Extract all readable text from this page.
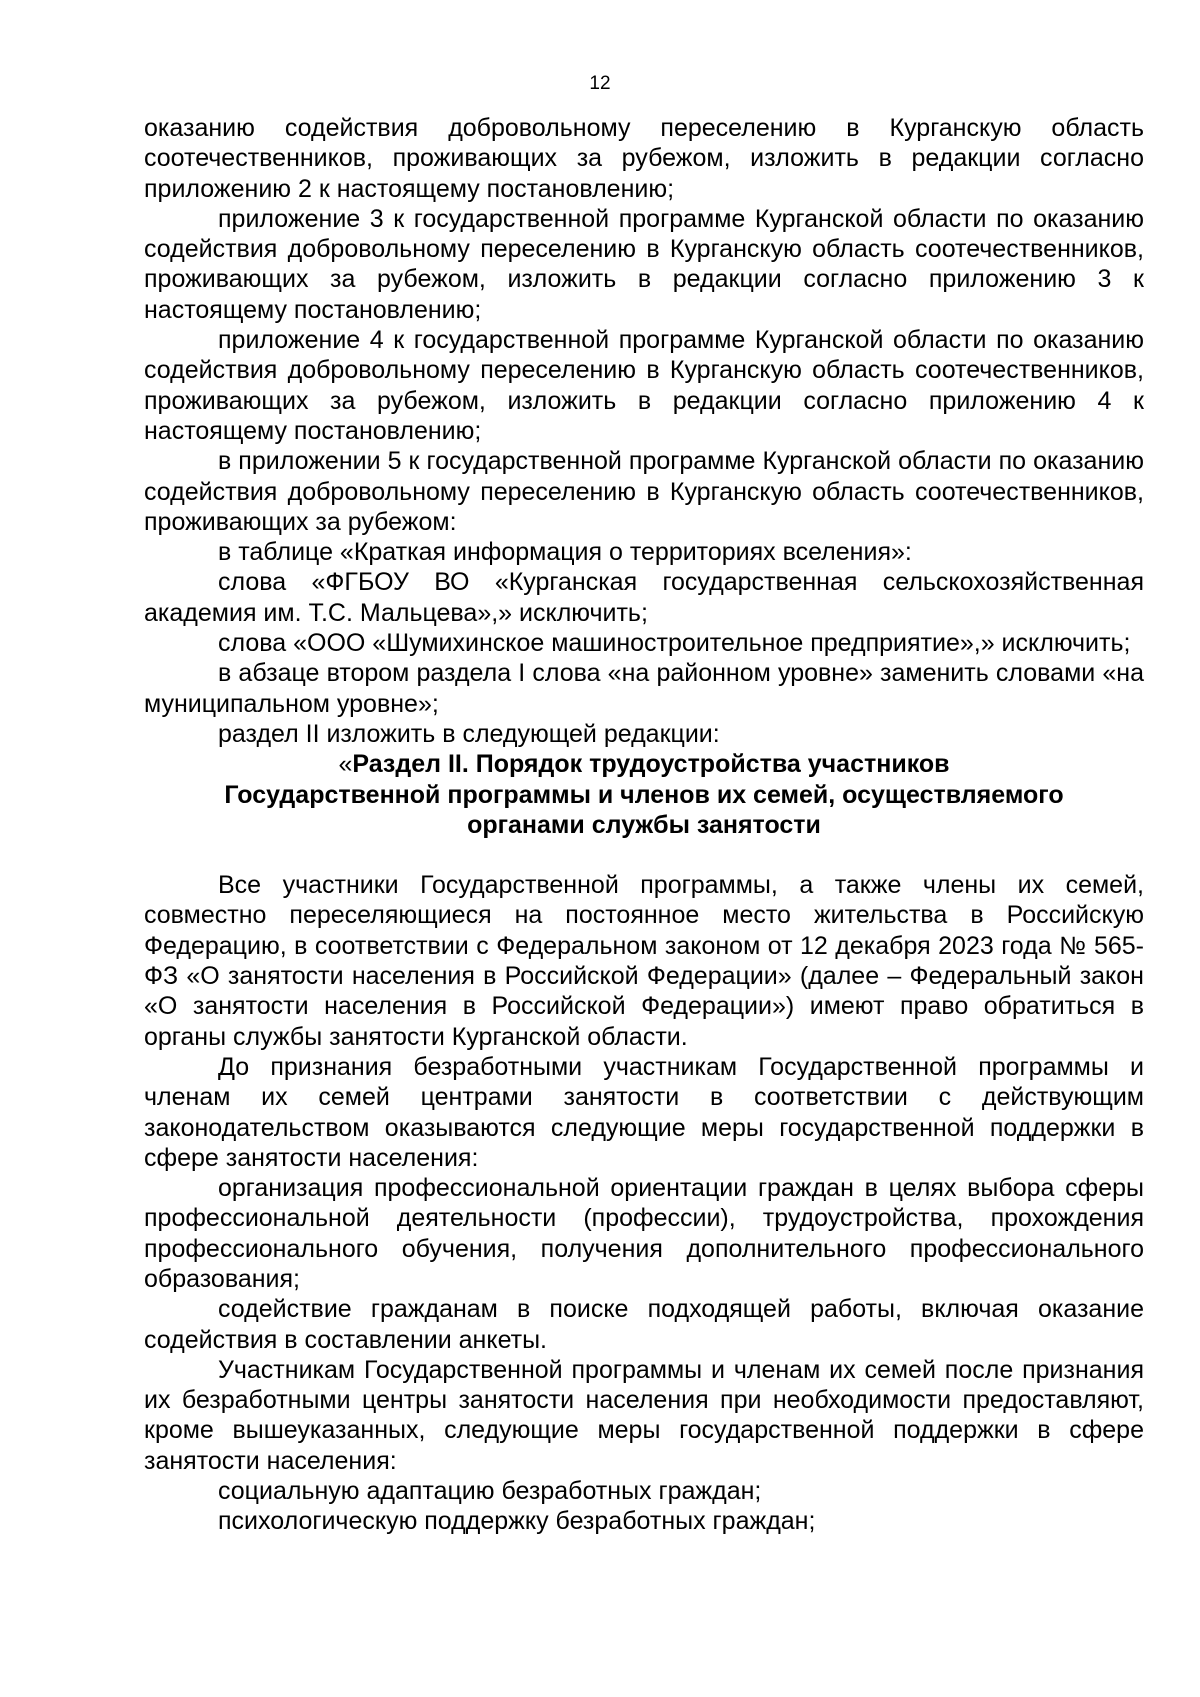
12

оказанию содействия добровольному переселению в Курганскую область соотечественников, проживающих за рубежом, изложить в редакции согласно приложению 2 к настоящему постановлению;

приложение 3 к государственной программе Курганской области по оказанию содействия добровольному переселению в Курганскую область соотечественников, проживающих за рубежом, изложить в редакции согласно приложению 3 к настоящему постановлению;

приложение 4 к государственной программе Курганской области по оказанию содействия добровольному переселению в Курганскую область соотечественников, проживающих за рубежом, изложить в редакции согласно приложению 4 к настоящему постановлению;

в приложении 5 к государственной программе Курганской области по оказанию содействия добровольному переселению в Курганскую область соотечественников, проживающих за рубежом:

в таблице «Краткая информация о территориях вселения»:

слова «ФГБОУ ВО «Курганская государственная сельскохозяйственная академия им. Т.С. Мальцева»,» исключить;

слова «ООО «Шумихинское машиностроительное предприятие»,» исключить;

в абзаце втором раздела I слова «на районном уровне» заменить словами «на муниципальном уровне»;

раздел II изложить в следующей редакции:

«Раздел II. Порядок трудоустройства участников

Государственной программы и членов их семей, осуществляемого

органами службы занятости

Все участники Государственной программы, а также члены их семей, совместно переселяющиеся на постоянное место жительства в Российскую Федерацию, в соответствии с Федеральном законом от 12 декабря 2023 года № 565-ФЗ «О занятости населения в Российской Федерации» (далее – Федеральный закон «О занятости населения в Российской Федерации») имеют право обратиться в органы службы занятости Курганской области.

До признания безработными участникам Государственной программы и членам их семей центрами занятости в соответствии с действующим законодательством оказываются следующие меры государственной поддержки в сфере занятости населения:

организация профессиональной ориентации граждан в целях выбора сферы профессиональной деятельности (профессии), трудоустройства, прохождения профессионального обучения, получения дополнительного профессионального образования;

содействие гражданам в поиске подходящей работы, включая оказание содействия в составлении анкеты.

Участникам Государственной программы и членам их семей после признания их безработными центры занятости населения при необходимости предоставляют, кроме вышеуказанных, следующие меры государственной поддержки в сфере занятости населения:

социальную адаптацию безработных граждан;

психологическую поддержку безработных граждан;
